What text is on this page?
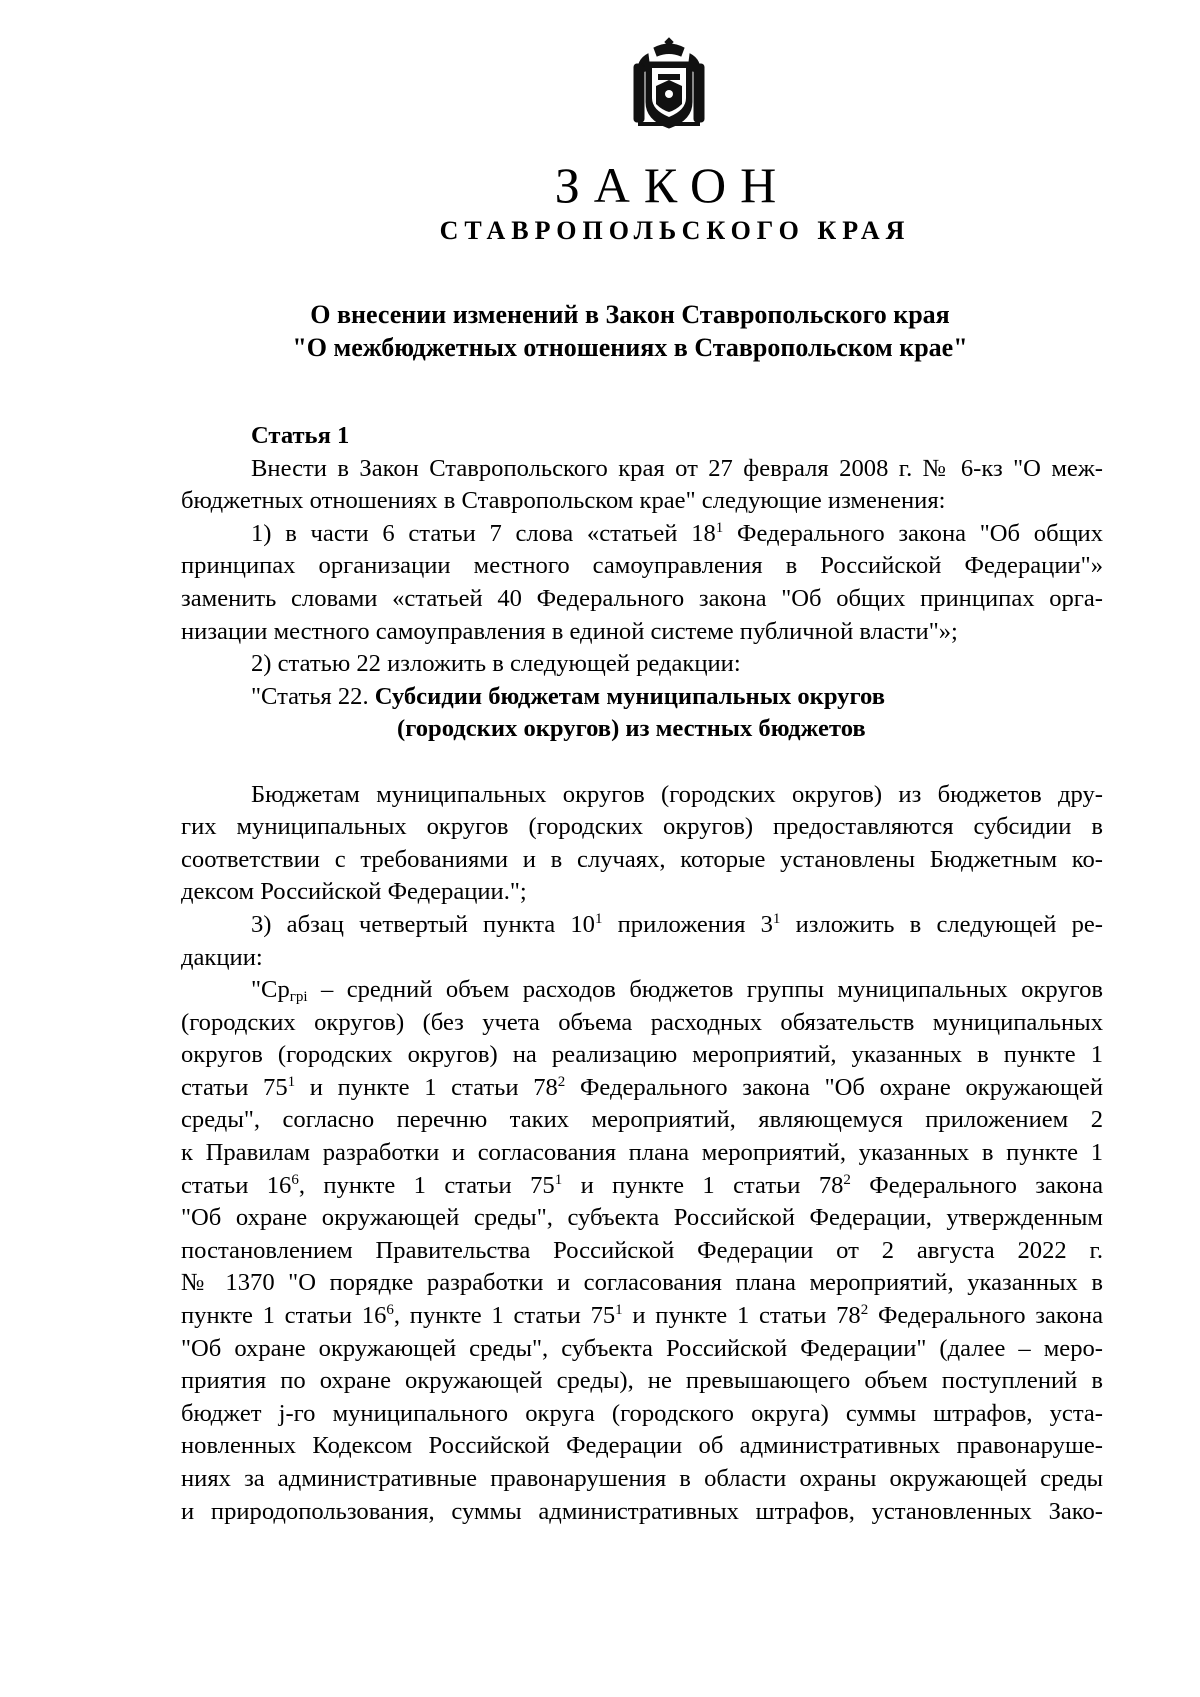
ЗАКОН
СТАВРОПОЛЬСКОГО КРАЯ
О внесении изменений в Закон Ставропольского края
"О межбюджетных отношениях в Ставропольском крае"
Статья 1
Внести в Закон Ставропольского края от 27 февраля 2008 г. № 6-кз "О меж-
бюджетных отношениях в Ставропольском крае" следующие изменения:
1) в части 6 статьи 7 слова «статьей $18^1$ Федерального закона "Об общих
принципах организации местного самоуправления в Российской Федерации"»
заменить словами «статьей 40 Федерального закона "Об общих принципах орга-
низации местного самоуправления в единой системе публичной власти"»;
2) статью 22 изложить в следующей редакции:
"Статья 22. Субсидии бюджетам муниципальных округов
(городских округов) из местных бюджетов
Бюджетам муниципальных округов (городских округов) из бюджетов дру-
гих муниципальных округов (городских округов) предоставляются субсидии в
соответствии с требованиями и в случаях, которые установлены Бюджетным ко-
дексом Российской Федерации.";
3) абзац четвертый пункта $10^1$ приложения $3^1$ изложить в следующей ре-
дакции:
"$Ср_{грi}$ – средний объем расходов бюджетов группы муниципальных округов
(городских округов) (без учета объема расходных обязательств муниципальных
округов (городских округов) на реализацию мероприятий, указанных в пункте 1
статьи $75^1$ и пункте 1 статьи $78^2$ Федерального закона "Об охране окружающей
среды", согласно перечню таких мероприятий, являющемуся приложением 2
к Правилам разработки и согласования плана мероприятий, указанных в пункте 1
статьи $16^6$, пункте 1 статьи $75^1$ и пункте 1 статьи $78^2$ Федерального закона
"Об охране окружающей среды", субъекта Российской Федерации, утвержденным
постановлением Правительства Российской Федерации от 2 августа 2022 г.
№ 1370 "О порядке разработки и согласования плана мероприятий, указанных в
пункте 1 статьи $16^6$, пункте 1 статьи $75^1$ и пункте 1 статьи $78^2$ Федерального закона
"Об охране окружающей среды", субъекта Российской Федерации" (далее – меро-
приятия по охране окружающей среды), не превышающего объем поступлений в
бюджет j-го муниципального округа (городского округа) суммы штрафов, уста-
новленных Кодексом Российской Федерации об административных правонаруше-
ниях за административные правонарушения в области охраны окружающей среды
и природопользования, суммы административных штрафов, установленных Зако-
